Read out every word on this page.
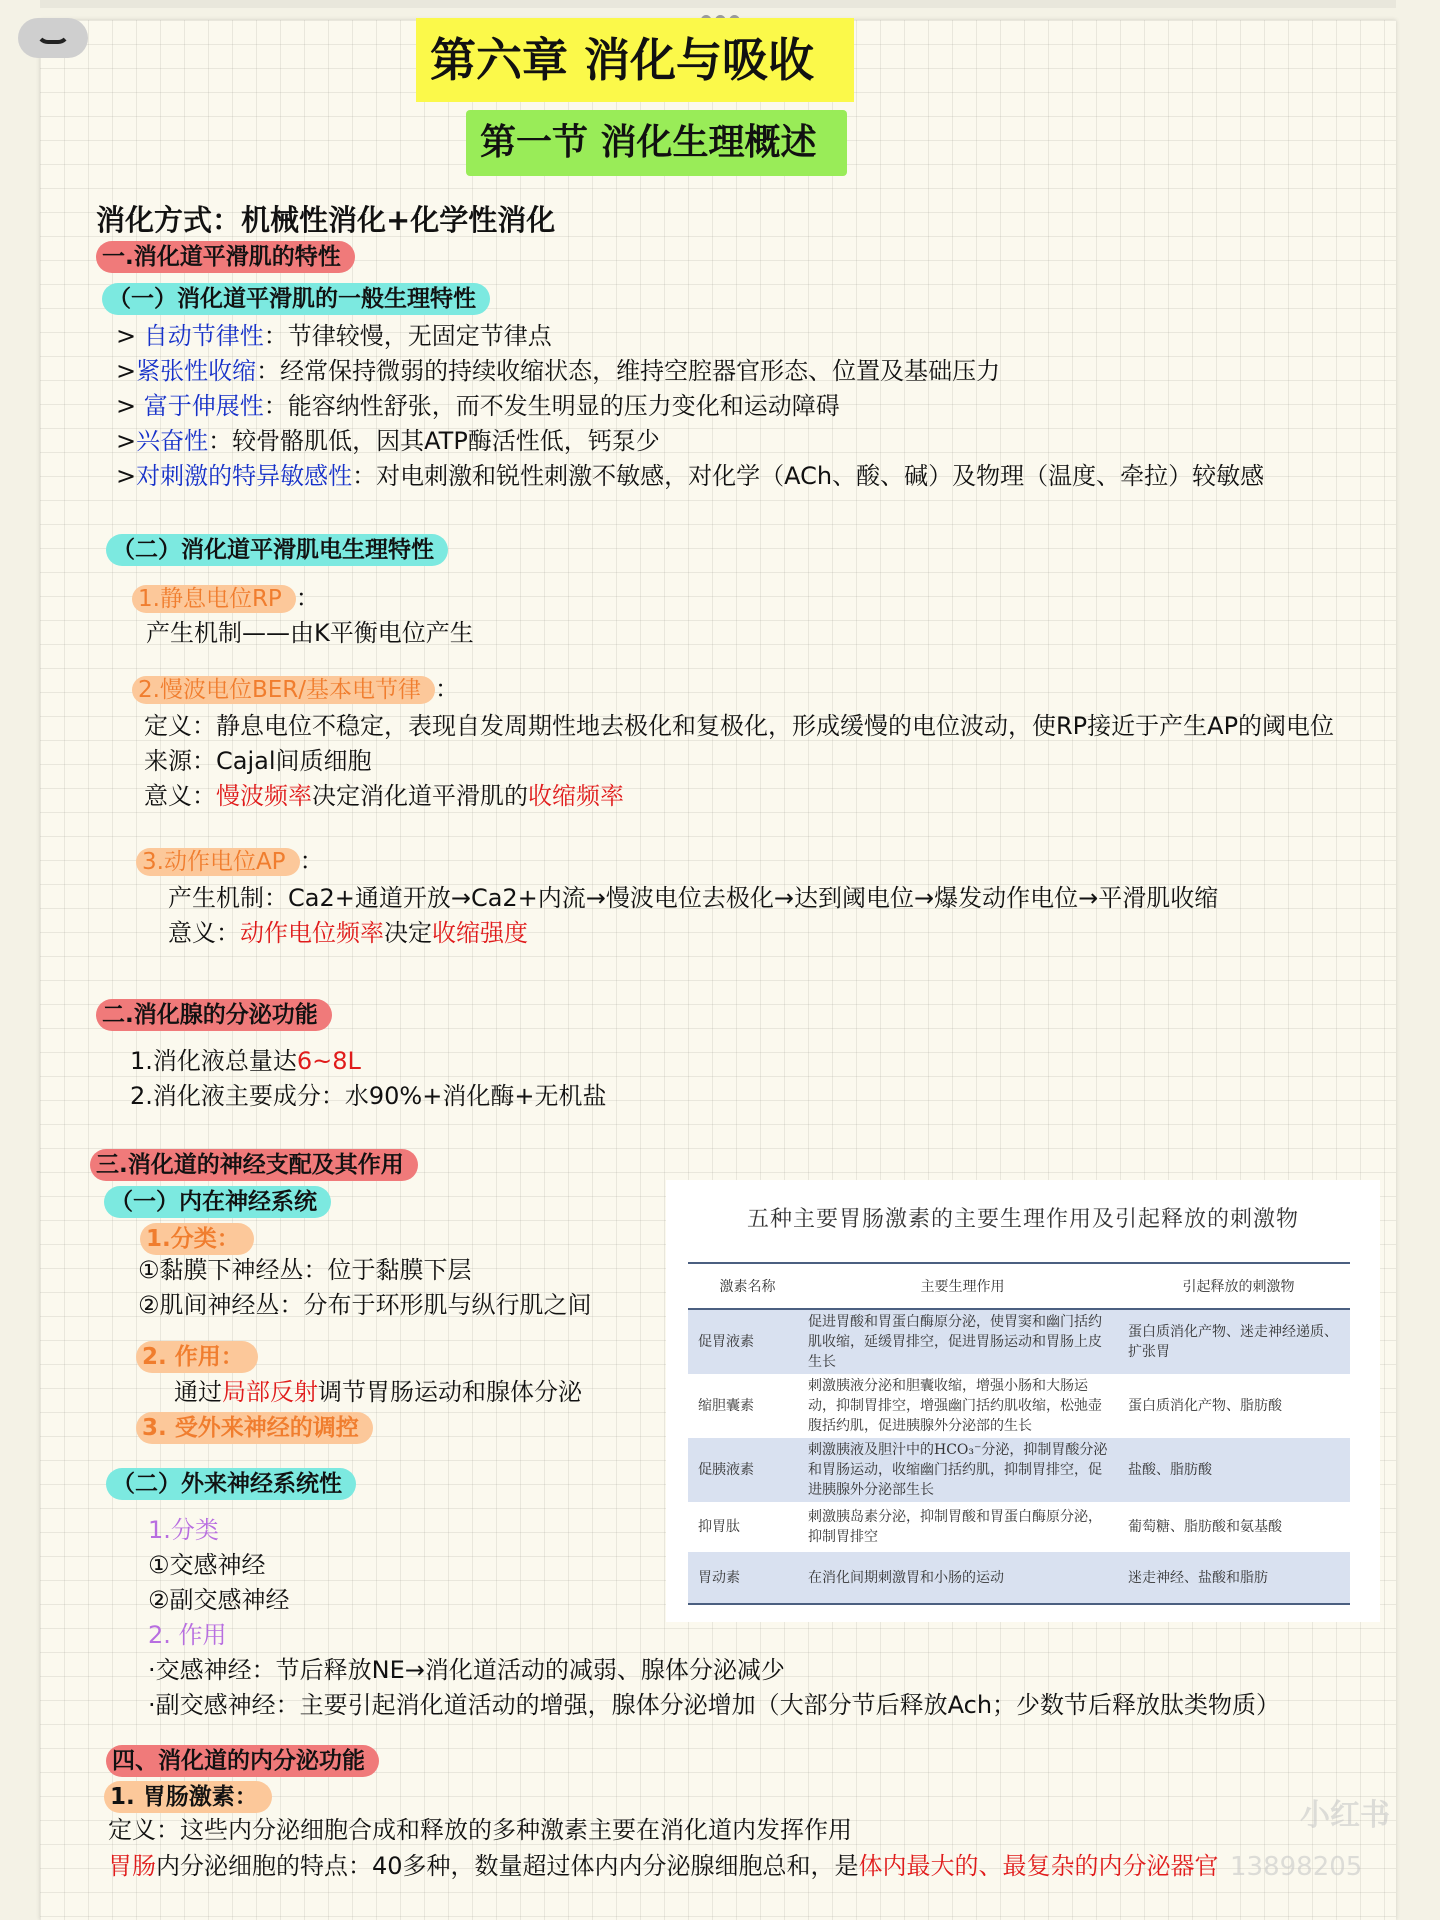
第六章 消化与吸收
第一节 消化生理概述
消化方式：机械性消化+化学性消化
一.消化道平滑肌的特性
（一）消化道平滑肌的一般生理特性
> 自动节律性：节律较慢，无固定节律点
>紧张性收缩：经常保持微弱的持续收缩状态，维持空腔器官形态、位置及基础压力
> 富于伸展性：能容纳性舒张，而不发生明显的压力变化和运动障碍
>兴奋性：较骨骼肌低，因其ATP酶活性低，钙泵少
>对刺激的特异敏感性：对电刺激和锐性刺激不敏感，对化学（ACh、酸、碱）及物理（温度、牵拉）较敏感
（二）消化道平滑肌电生理特性
1.静息电位RP ：
产生机制——由K平衡电位产生
2.慢波电位BER/基本电节律 ：
定义：静息电位不稳定，表现自发周期性地去极化和复极化，形成缓慢的电位波动，使RP接近于产生AP的阈电位
来源：Cajal间质细胞
意义：慢波频率决定消化道平滑肌的收缩频率
3.动作电位AP ：
产生机制：Ca2+通道开放→Ca2+内流→慢波电位去极化→达到阈电位→爆发动作电位→平滑肌收缩
意义：动作电位频率决定收缩强度
二.消化腺的分泌功能
1.消化液总量达6~8L
2.消化液主要成分：水90%+消化酶+无机盐
三.消化道的神经支配及其作用
（一）内在神经系统
1.分类：
①黏膜下神经丛：位于黏膜下层
②肌间神经丛：分布于环形肌与纵行肌之间
2. 作用：
通过局部反射调节胃肠运动和腺体分泌
3. 受外来神经的调控
（二）外来神经系统性
1.分类
①交感神经
②副交感神经
2. 作用
·交感神经：节后释放NE→消化道活动的减弱、腺体分泌减少
·副交感神经：主要引起消化道活动的增强，腺体分泌增加（大部分节后释放Ach；少数节后释放肽类物质）
四、消化道的内分泌功能
1. 胃肠激素：
定义：这些内分泌细胞合成和释放的多种激素主要在消化道内发挥作用
胃肠内分泌细胞的特点：40多种，数量超过体内内分泌腺细胞总和，是体内最大的、最复杂的内分泌器官
五种主要胃肠激素的主要生理作用及引起释放的刺激物
激素名称	主要生理作用	引起释放的刺激物
促胃液素	促进胃酸和胃蛋白酶原分泌，使胃窦和幽门括约肌收缩，延缓胃排空，促进胃肠运动和胃肠上皮生长	蛋白质消化产物、迷走神经递质、扩张胃
缩胆囊素	刺激胰液分泌和胆囊收缩，增强小肠和大肠运动，抑制胃排空，增强幽门括约肌收缩，松弛壶腹括约肌，促进胰腺外分泌部的生长	蛋白质消化产物、脂肪酸
促胰液素	刺激胰液及胆汁中的HCO₃⁻分泌，抑制胃酸分泌和胃肠运动，收缩幽门括约肌，抑制胃排空，促进胰腺外分泌部生长	盐酸、脂肪酸
抑胃肽	刺激胰岛素分泌，抑制胃酸和胃蛋白酶原分泌，抑制胃排空	葡萄糖、脂肪酸和氨基酸
胃动素	在消化间期刺激胃和小肠的运动	迷走神经、盐酸和脂肪
小红书
13898205
